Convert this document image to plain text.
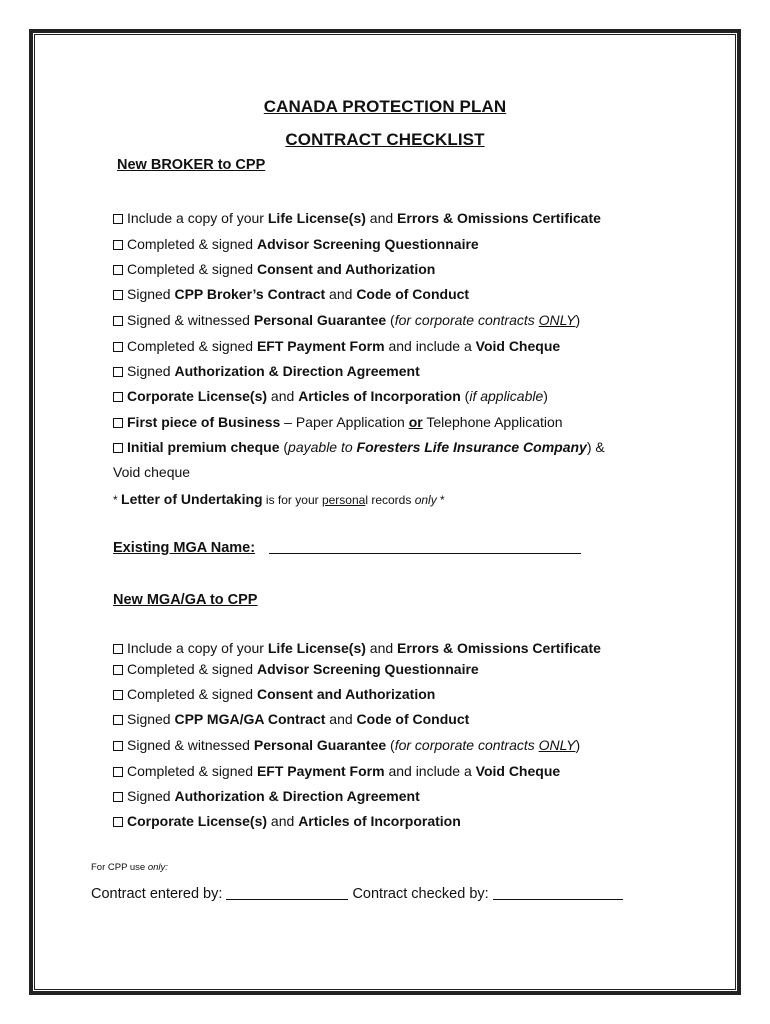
CANADA PROTECTION PLAN
CONTRACT CHECKLIST
New BROKER to CPP
Include a copy of your Life License(s) and Errors & Omissions Certificate
Completed & signed Advisor Screening Questionnaire
Completed & signed Consent and Authorization
Signed CPP Broker’s Contract and Code of Conduct
Signed & witnessed Personal Guarantee (for corporate contracts ONLY)
Completed & signed EFT Payment Form and include a Void Cheque
Signed Authorization & Direction Agreement
Corporate License(s) and Articles of Incorporation (if applicable)
First piece of Business – Paper Application or Telephone Application
Initial premium cheque (payable to Foresters Life Insurance Company) &
Void cheque
* Letter of Undertaking is for your personal records only *
Existing MGA Name:
New MGA/GA to CPP
Include a copy of your Life License(s) and Errors & Omissions Certificate
Completed & signed Advisor Screening Questionnaire
Completed & signed Consent and Authorization
Signed CPP MGA/GA Contract and Code of Conduct
Signed & witnessed Personal Guarantee (for corporate contracts ONLY)
Completed & signed EFT Payment Form and include a Void Cheque
Signed Authorization & Direction Agreement
Corporate License(s) and Articles of Incorporation
For CPP use only:
Contract entered by:	Contract checked by:
